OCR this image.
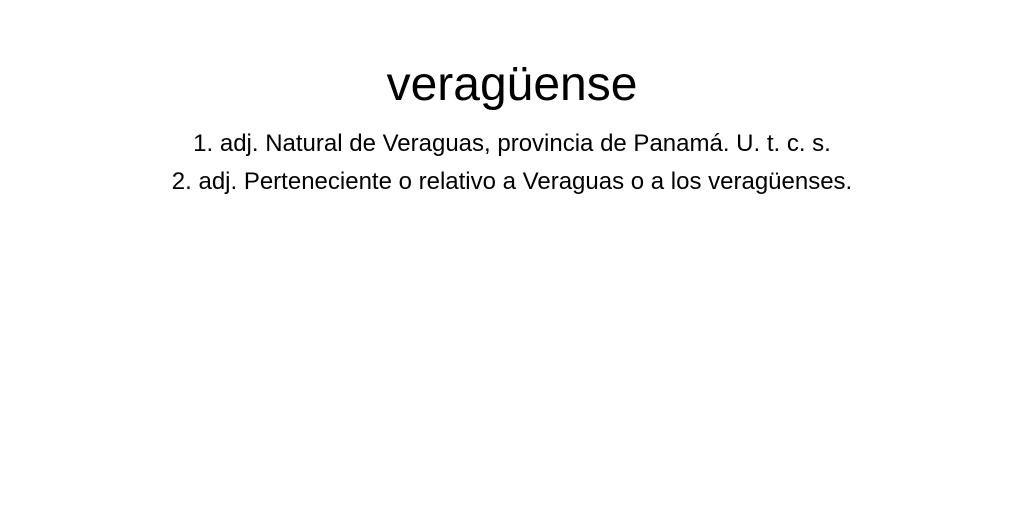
veragüense
1. adj. Natural de Veraguas, provincia de Panamá. U. t. c. s.
2. adj. Perteneciente o relativo a Veraguas o a los veragüenses.
